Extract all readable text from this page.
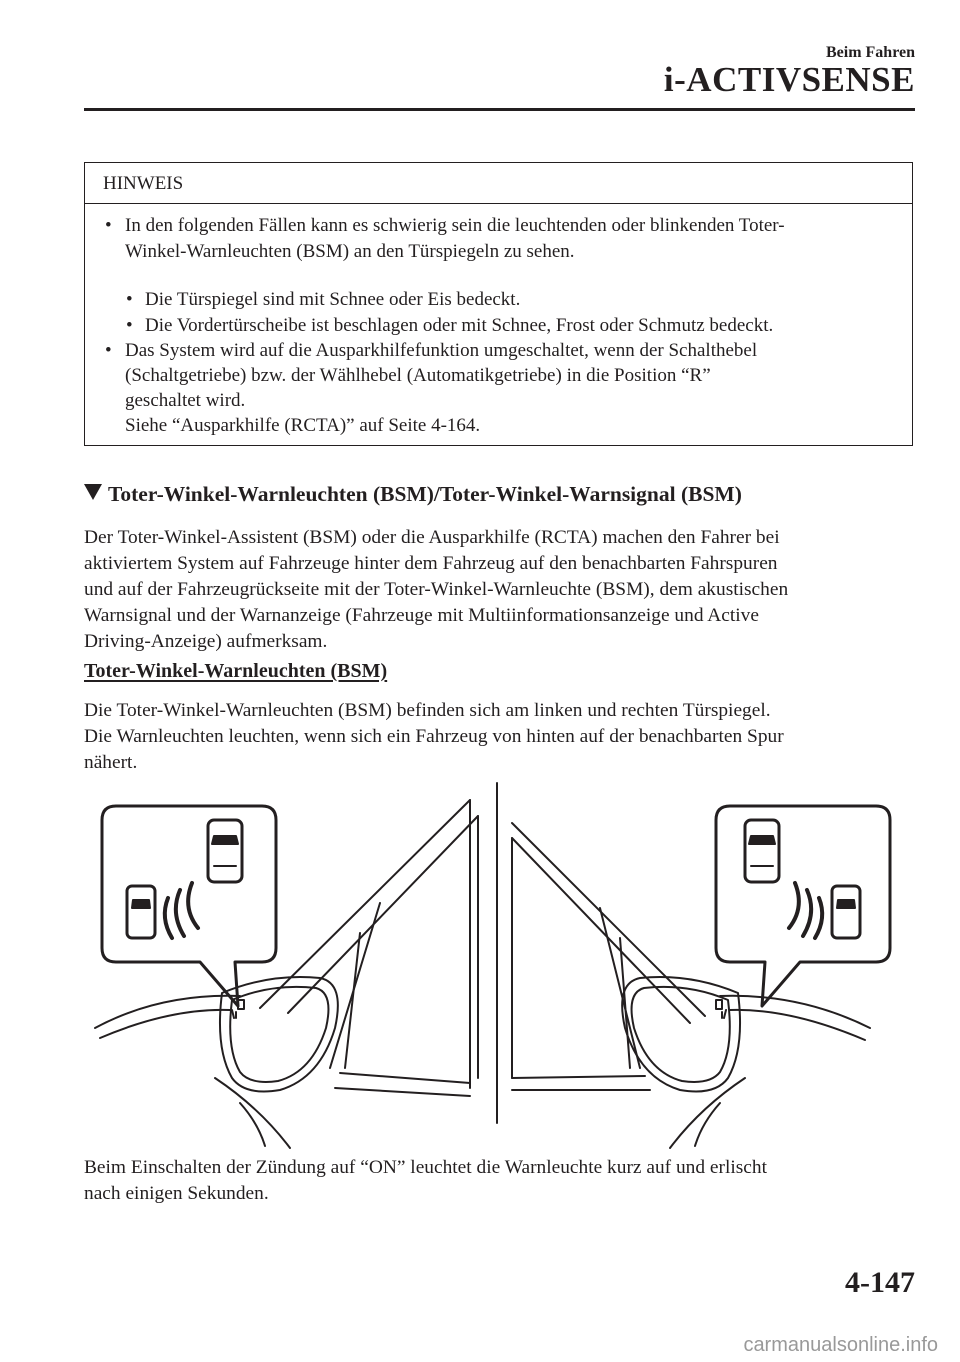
Beim Fahren
i-ACTIVSENSE
HINWEIS
• In den folgenden Fällen kann es schwierig sein die leuchtenden oder blinkenden Toter-
Winkel-Warnleuchten (BSM) an den Türspiegeln zu sehen.
• Die Türspiegel sind mit Schnee oder Eis bedeckt.
• Die Vordertürscheibe ist beschlagen oder mit Schnee, Frost oder Schmutz bedeckt.
• Das System wird auf die Ausparkhilfefunktion umgeschaltet, wenn der Schalthebel
(Schaltgetriebe) bzw. der Wählhebel (Automatikgetriebe) in die Position “R”
geschaltet wird.
Siehe “Ausparkhilfe (RCTA)” auf Seite 4-164.
Toter-Winkel-Warnleuchten (BSM)/Toter-Winkel-Warnsignal (BSM)
Der Toter-Winkel-Assistent (BSM) oder die Ausparkhilfe (RCTA) machen den Fahrer bei
aktiviertem System auf Fahrzeuge hinter dem Fahrzeug auf den benachbarten Fahrspuren
und auf der Fahrzeugrückseite mit der Toter-Winkel-Warnleuchte (BSM), dem akustischen
Warnsignal und der Warnanzeige (Fahrzeuge mit Multiinformationsanzeige und Active
Driving-Anzeige) aufmerksam.
Toter-Winkel-Warnleuchten (BSM)
Die Toter-Winkel-Warnleuchten (BSM) befinden sich am linken und rechten Türspiegel.
Die Warnleuchten leuchten, wenn sich ein Fahrzeug von hinten auf der benachbarten Spur
nähert.
Beim Einschalten der Zündung auf “ON” leuchtet die Warnleuchte kurz auf und erlischt
nach einigen Sekunden.
4-147
carmanualsonline.info
